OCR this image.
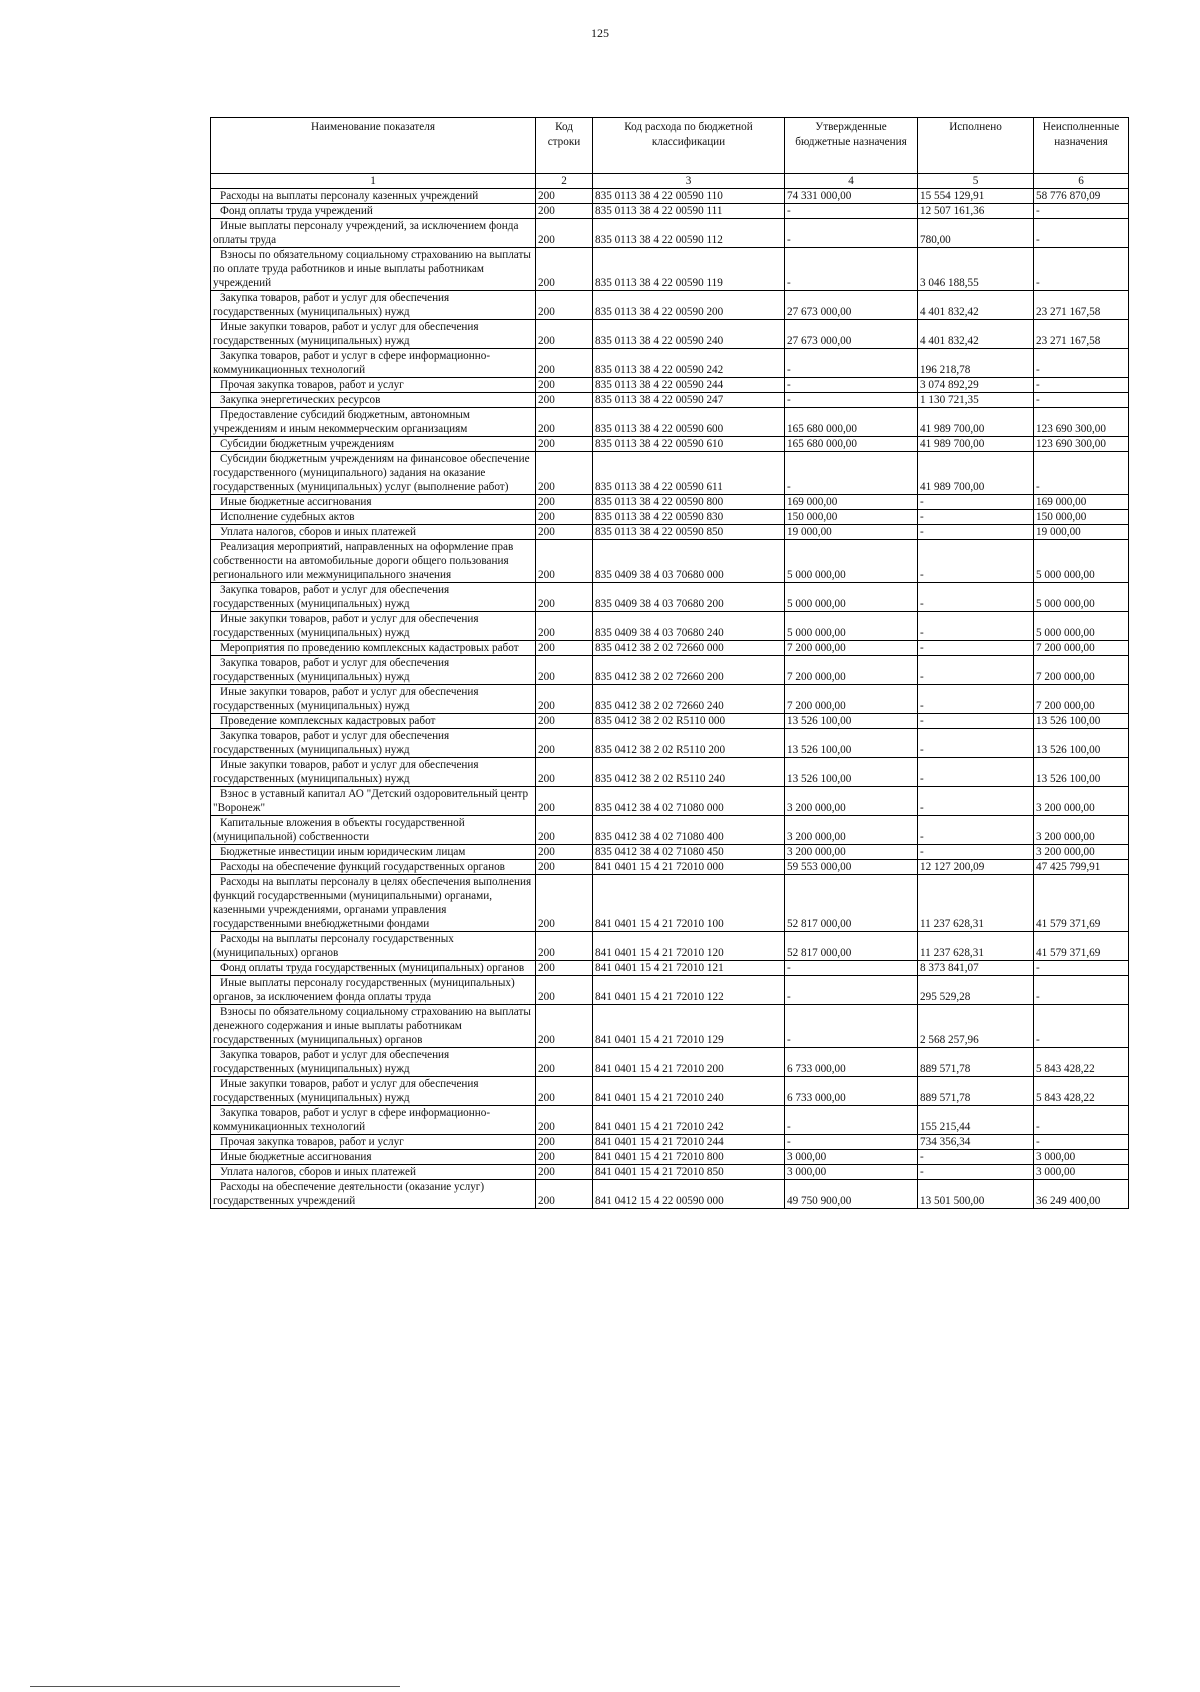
125
Наименование показателя	Код строки	Код расхода по бюджетной классификации	Утвержденные бюджетные назначения	Исполнено	Неисполненные назначения
1	2	3	4	5	6
Расходы на выплаты персоналу казенных учреждений	200	835 0113 38 4 22 00590 110	74 331 000,00	15 554 129,91	58 776 870,09
Фонд оплаты труда учреждений	200	835 0113 38 4 22 00590 111	-	12 507 161,36	-
Иные выплаты персоналу учреждений, за исключением фонда оплаты труда	200	835 0113 38 4 22 00590 112	-	780,00	-
Взносы по обязательному социальному страхованию на выплаты по оплате труда работников и иные выплаты работникам учреждений	200	835 0113 38 4 22 00590 119	-	3 046 188,55	-
Закупка товаров, работ и услуг для обеспечения государственных (муниципальных) нужд	200	835 0113 38 4 22 00590 200	27 673 000,00	4 401 832,42	23 271 167,58
Иные закупки товаров, работ и услуг для обеспечения государственных (муниципальных) нужд	200	835 0113 38 4 22 00590 240	27 673 000,00	4 401 832,42	23 271 167,58
Закупка товаров, работ и услуг в сфере информационно-коммуникационных технологий	200	835 0113 38 4 22 00590 242	-	196 218,78	-
Прочая закупка товаров, работ и услуг	200	835 0113 38 4 22 00590 244	-	3 074 892,29	-
Закупка энергетических ресурсов	200	835 0113 38 4 22 00590 247	-	1 130 721,35	-
Предоставление субсидий бюджетным, автономным учреждениям и иным некоммерческим организациям	200	835 0113 38 4 22 00590 600	165 680 000,00	41 989 700,00	123 690 300,00
Субсидии бюджетным учреждениям	200	835 0113 38 4 22 00590 610	165 680 000,00	41 989 700,00	123 690 300,00
Субсидии бюджетным учреждениям на финансовое обеспечение государственного (муниципального) задания на оказание государственных (муниципальных) услуг (выполнение работ)	200	835 0113 38 4 22 00590 611	-	41 989 700,00	-
Иные бюджетные ассигнования	200	835 0113 38 4 22 00590 800	169 000,00	-	169 000,00
Исполнение судебных актов	200	835 0113 38 4 22 00590 830	150 000,00	-	150 000,00
Уплата налогов, сборов и иных платежей	200	835 0113 38 4 22 00590 850	19 000,00	-	19 000,00
Реализация мероприятий, направленных на оформление прав собственности на автомобильные дороги общего пользования регионального или межмуниципального значения	200	835 0409 38 4 03 70680 000	5 000 000,00	-	5 000 000,00
Закупка товаров, работ и услуг для обеспечения государственных (муниципальных) нужд	200	835 0409 38 4 03 70680 200	5 000 000,00	-	5 000 000,00
Иные закупки товаров, работ и услуг для обеспечения государственных (муниципальных) нужд	200	835 0409 38 4 03 70680 240	5 000 000,00	-	5 000 000,00
Мероприятия по проведению комплексных кадастровых работ	200	835 0412 38 2 02 72660 000	7 200 000,00	-	7 200 000,00
Закупка товаров, работ и услуг для обеспечения государственных (муниципальных) нужд	200	835 0412 38 2 02 72660 200	7 200 000,00	-	7 200 000,00
Иные закупки товаров, работ и услуг для обеспечения государственных (муниципальных) нужд	200	835 0412 38 2 02 72660 240	7 200 000,00	-	7 200 000,00
Проведение комплексных кадастровых работ	200	835 0412 38 2 02 R5110 000	13 526 100,00	-	13 526 100,00
Закупка товаров, работ и услуг для обеспечения государственных (муниципальных) нужд	200	835 0412 38 2 02 R5110 200	13 526 100,00	-	13 526 100,00
Иные закупки товаров, работ и услуг для обеспечения государственных (муниципальных) нужд	200	835 0412 38 2 02 R5110 240	13 526 100,00	-	13 526 100,00
Взнос в уставный капитал АО "Детский оздоровительный центр "Воронеж"	200	835 0412 38 4 02 71080 000	3 200 000,00	-	3 200 000,00
Капитальные вложения в объекты государственной (муниципальной) собственности	200	835 0412 38 4 02 71080 400	3 200 000,00	-	3 200 000,00
Бюджетные инвестиции иным юридическим лицам	200	835 0412 38 4 02 71080 450	3 200 000,00	-	3 200 000,00
Расходы на обеспечение функций государственных органов	200	841 0401 15 4 21 72010 000	59 553 000,00	12 127 200,09	47 425 799,91
Расходы на выплаты персоналу в целях обеспечения выполнения функций государственными (муниципальными) органами, казенными учреждениями, органами управления государственными внебюджетными фондами	200	841 0401 15 4 21 72010 100	52 817 000,00	11 237 628,31	41 579 371,69
Расходы на выплаты персоналу государственных (муниципальных) органов	200	841 0401 15 4 21 72010 120	52 817 000,00	11 237 628,31	41 579 371,69
Фонд оплаты труда государственных (муниципальных) органов	200	841 0401 15 4 21 72010 121	-	8 373 841,07	-
Иные выплаты персоналу государственных (муниципальных) органов, за исключением фонда оплаты труда	200	841 0401 15 4 21 72010 122	-	295 529,28	-
Взносы по обязательному социальному страхованию на выплаты денежного содержания и иные выплаты работникам государственных (муниципальных) органов	200	841 0401 15 4 21 72010 129	-	2 568 257,96	-
Закупка товаров, работ и услуг для обеспечения государственных (муниципальных) нужд	200	841 0401 15 4 21 72010 200	6 733 000,00	889 571,78	5 843 428,22
Иные закупки товаров, работ и услуг для обеспечения государственных (муниципальных) нужд	200	841 0401 15 4 21 72010 240	6 733 000,00	889 571,78	5 843 428,22
Закупка товаров, работ и услуг в сфере информационно-коммуникационных технологий	200	841 0401 15 4 21 72010 242	-	155 215,44	-
Прочая закупка товаров, работ и услуг	200	841 0401 15 4 21 72010 244	-	734 356,34	-
Иные бюджетные ассигнования	200	841 0401 15 4 21 72010 800	3 000,00	-	3 000,00
Уплата налогов, сборов и иных платежей	200	841 0401 15 4 21 72010 850	3 000,00	-	3 000,00
Расходы на обеспечение деятельности (оказание услуг) государственных учреждений	200	841 0412 15 4 22 00590 000	49 750 900,00	13 501 500,00	36 249 400,00
